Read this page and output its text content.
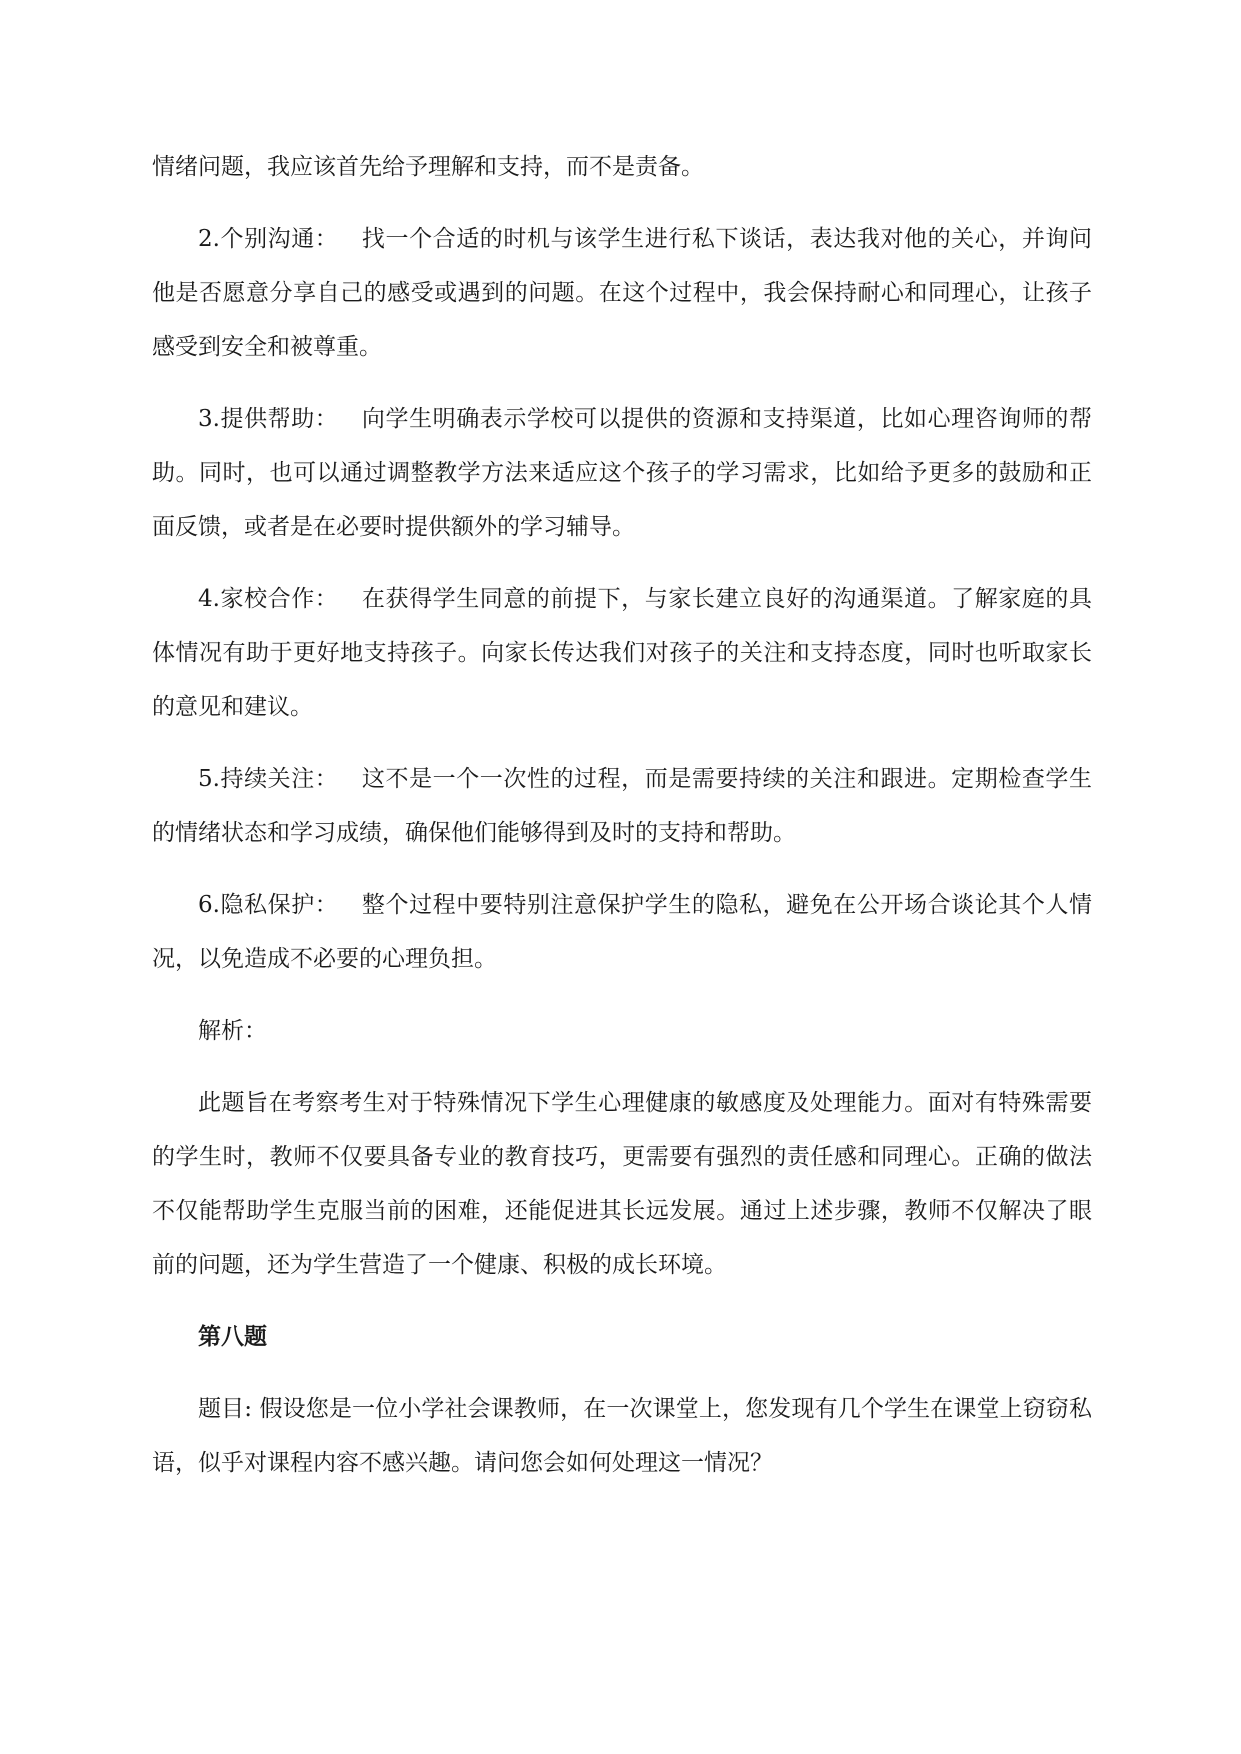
情绪问题，我应该首先给予理解和支持，而不是责备。

2.个别沟通： 找一个合适的时机与该学生进行私下谈话，表达我对他的关心，并询问他是否愿意分享自己的感受或遇到的问题。在这个过程中，我会保持耐心和同理心，让孩子感受到安全和被尊重。

3.提供帮助： 向学生明确表示学校可以提供的资源和支持渠道，比如心理咨询师的帮助。同时，也可以通过调整教学方法来适应这个孩子的学习需求，比如给予更多的鼓励和正面反馈，或者是在必要时提供额外的学习辅导。

4.家校合作： 在获得学生同意的前提下，与家长建立良好的沟通渠道。了解家庭的具体情况有助于更好地支持孩子。向家长传达我们对孩子的关注和支持态度，同时也听取家长的意见和建议。

5.持续关注： 这不是一个一次性的过程，而是需要持续的关注和跟进。定期检查学生的情绪状态和学习成绩，确保他们能够得到及时的支持和帮助。

6.隐私保护： 整个过程中要特别注意保护学生的隐私，避免在公开场合谈论其个人情况，以免造成不必要的心理负担。

解析：

此题旨在考察考生对于特殊情况下学生心理健康的敏感度及处理能力。面对有特殊需要的学生时，教师不仅要具备专业的教育技巧，更需要有强烈的责任感和同理心。正确的做法不仅能帮助学生克服当前的困难，还能促进其长远发展。通过上述步骤，教师不仅解决了眼前的问题，还为学生营造了一个健康、积极的成长环境。

第八题

题目: 假设您是一位小学社会课教师，在一次课堂上，您发现有几个学生在课堂上窃窃私语，似乎对课程内容不感兴趣。请问您会如何处理这一情况？
